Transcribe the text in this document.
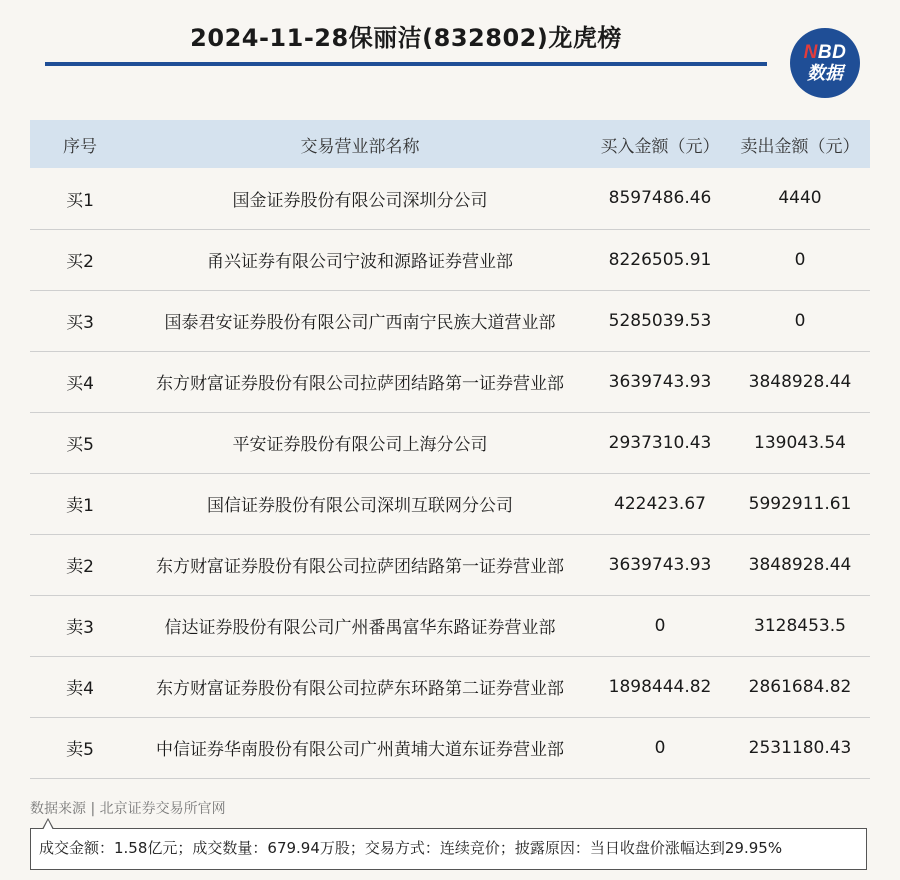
2024-11-28保丽洁(832802)龙虎榜	NBD
数据
序号	交易营业部名称	买入金额（元）	卖出金额（元）
买1	国金证券股份有限公司深圳分公司	8597486.46	4440
买2	甬兴证券有限公司宁波和源路证券营业部	8226505.91	0
买3	国泰君安证券股份有限公司广西南宁民族大道营业部	5285039.53	0
买4	东方财富证券股份有限公司拉萨团结路第一证券营业部	3639743.93	3848928.44
买5	平安证券股份有限公司上海分公司	2937310.43	139043.54
卖1	国信证券股份有限公司深圳互联网分公司	422423.67	5992911.61
卖2	东方财富证券股份有限公司拉萨团结路第一证券营业部	3639743.93	3848928.44
卖3	信达证券股份有限公司广州番禺富华东路证券营业部	0	3128453.5
卖4	东方财富证券股份有限公司拉萨东环路第二证券营业部	1898444.82	2861684.82
卖5	中信证券华南股份有限公司广州黄埔大道东证券营业部	0	2531180.43
数据来源 | 北京证券交易所官网
成交金额：1.58亿元；成交数量：679.94万股；交易方式：连续竞价；披露原因：当日收盘价涨幅达到29.95%
